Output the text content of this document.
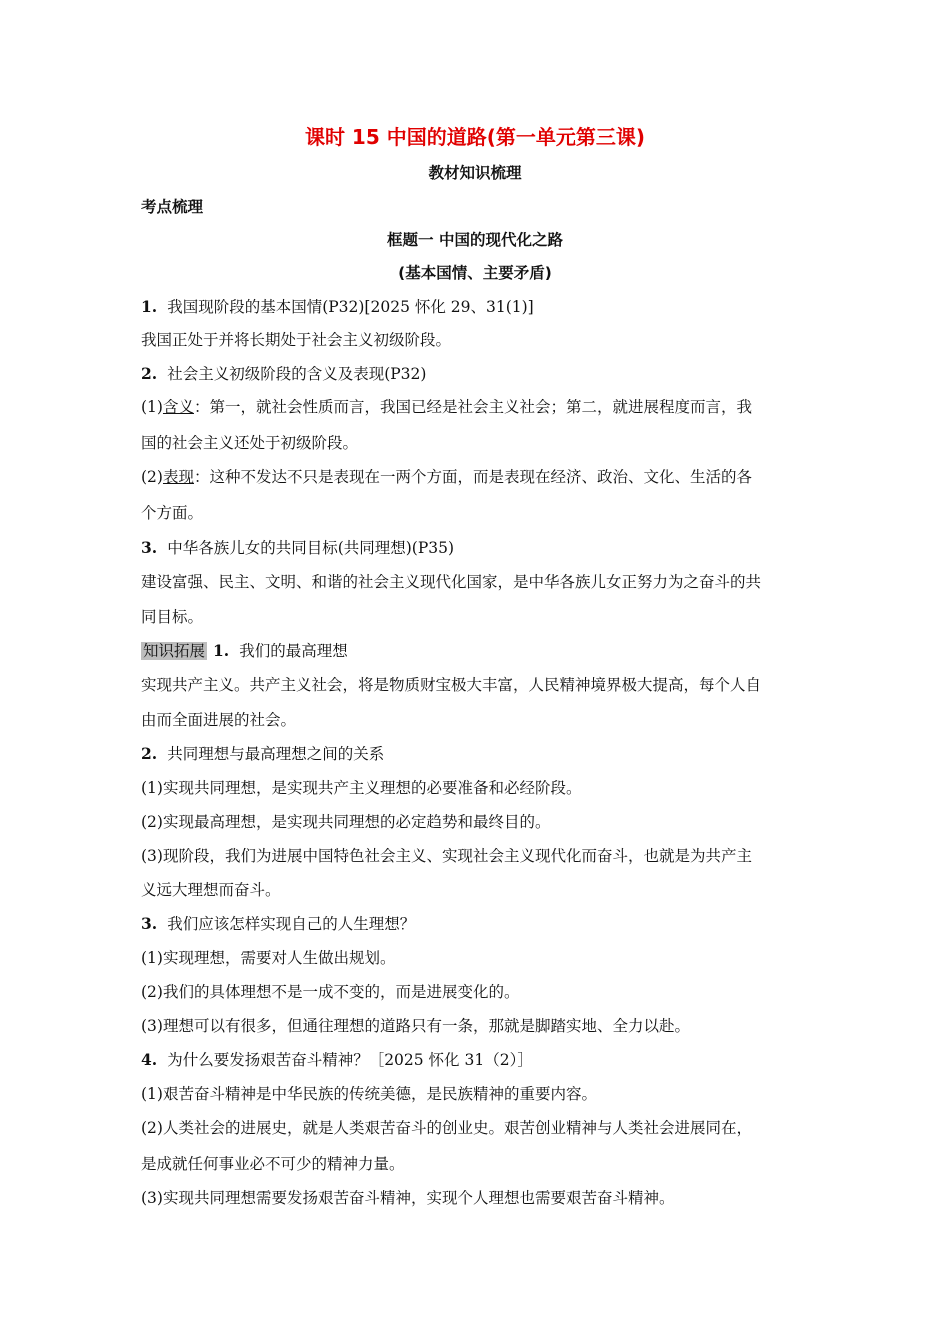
课时 15 中国的道路(第一单元第三课)
教材知识梳理
考点梳理
框题一 中国的现代化之路
(基本国情、主要矛盾)
1. 我国现阶段的基本国情(P32)[2025 怀化 29、31(1)]
我国正处于并将长期处于社会主义初级阶段。
2. 社会主义初级阶段的含义及表现(P32)
(1)含义：第一，就社会性质而言，我国已经是社会主义社会；第二，就进展程度而言，我
国的社会主义还处于初级阶段。
(2)表现：这种不发达不只是表现在一两个方面，而是表现在经济、政治、文化、生活的各
个方面。
3. 中华各族儿女的共同目标(共同理想)(P35)
建设富强、民主、文明、和谐的社会主义现代化国家，是中华各族儿女正努力为之奋斗的共
同目标。
知识拓展 1. 我们的最高理想
实现共产主义。共产主义社会，将是物质财宝极大丰富，人民精神境界极大提高，每个人自
由而全面进展的社会。
2. 共同理想与最高理想之间的关系
(1)实现共同理想，是实现共产主义理想的必要准备和必经阶段。
(2)实现最高理想，是实现共同理想的必定趋势和最终目的。
(3)现阶段，我们为进展中国特色社会主义、实现社会主义现代化而奋斗，也就是为共产主
义远大理想而奋斗。
3. 我们应该怎样实现自己的人生理想？
(1)实现理想，需要对人生做出规划。
(2)我们的具体理想不是一成不变的，而是进展变化的。
(3)理想可以有很多，但通往理想的道路只有一条，那就是脚踏实地、全力以赴。
4. 为什么要发扬艰苦奋斗精神？［2025 怀化 31（2）］
(1)艰苦奋斗精神是中华民族的传统美德，是民族精神的重要内容。
(2)人类社会的进展史，就是人类艰苦奋斗的创业史。艰苦创业精神与人类社会进展同在，
是成就任何事业必不可少的精神力量。
(3)实现共同理想需要发扬艰苦奋斗精神，实现个人理想也需要艰苦奋斗精神。
